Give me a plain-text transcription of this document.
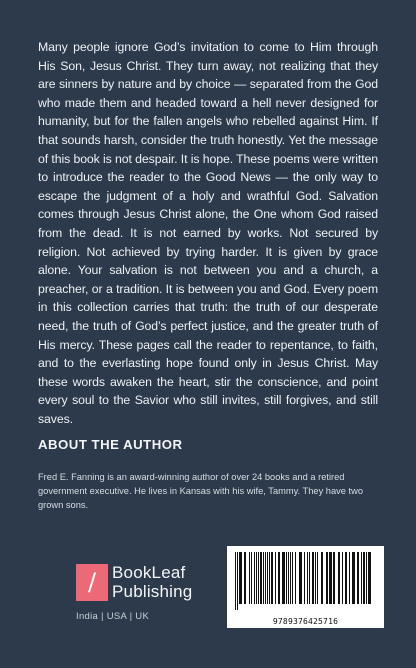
Many people ignore God’s invitation to come to Him through His Son, Jesus Christ. They turn away, not realizing that they are sinners by nature and by choice — separated from the God who made them and headed toward a hell never designed for humanity, but for the fallen angels who rebelled against Him. If that sounds harsh, consider the truth honestly. Yet the message of this book is not despair. It is hope. These poems were written to introduce the reader to the Good News — the only way to escape the judgment of a holy and wrathful God. Salvation comes through Jesus Christ alone, the One whom God raised from the dead. It is not earned by works. Not secured by religion. Not achieved by trying harder. It is given by grace alone. Your salvation is not between you and a church, a preacher, or a tradition. It is between you and God. Every poem in this collection carries that truth: the truth of our desperate need, the truth of God’s perfect justice, and the greater truth of His mercy. These pages call the reader to repentance, to faith, and to the everlasting hope found only in Jesus Christ. May these words awaken the heart, stir the conscience, and point every soul to the Savior who still invites, still forgives, and still saves.

ABOUT THE AUTHOR

Fred E. Fanning is an award-winning author of over 24 books and a retired government executive. He lives in Kansas with his wife, Tammy. They have two grown sons.

/ BookLeaf
Publishing
India | USA | UK	9789376425716
